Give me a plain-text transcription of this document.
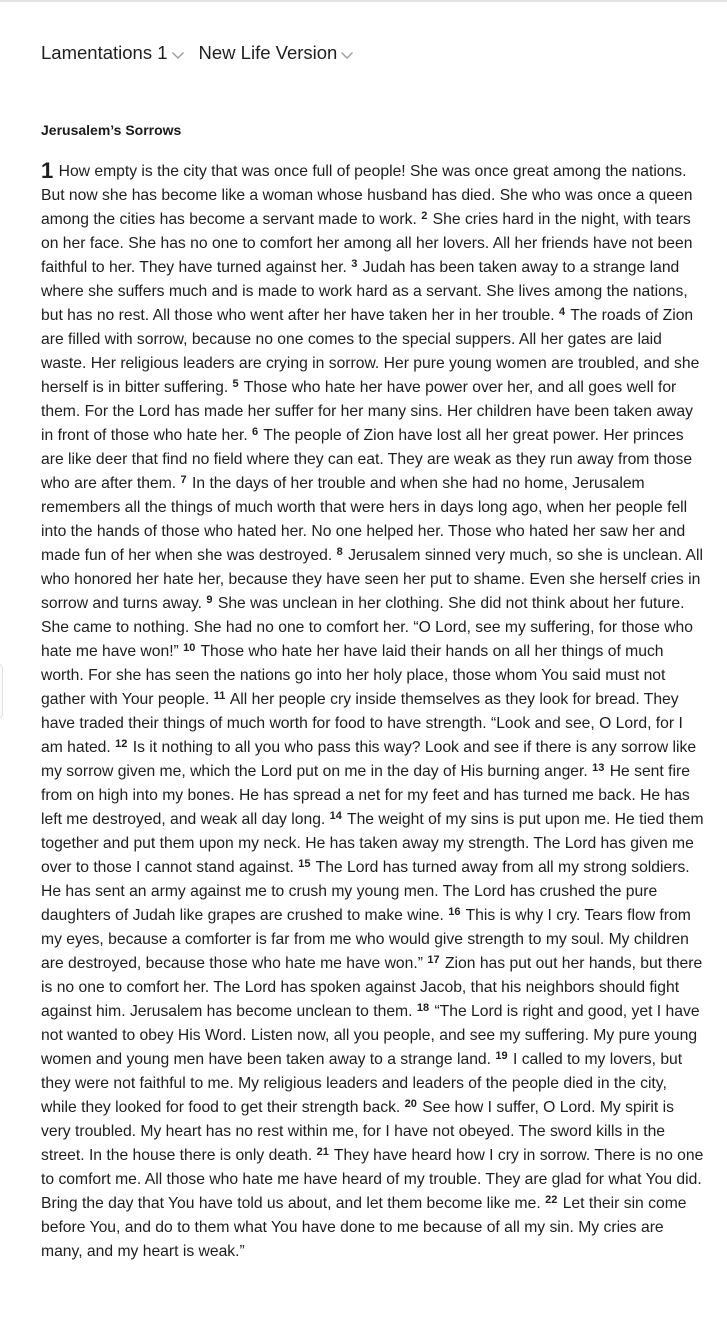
Lamentations 1 New Life Version
Jerusalem’s Sorrows

1 How empty is the city that was once full of people! She was once great among the nations. But now she has become like a woman whose husband has died. She who was once a queen among the cities has become a servant made to work. $^2$ She cries hard in the night, with tears on her face. She has no one to comfort her among all her lovers. All her friends have not been faithful to her. They have turned against her. $^3$ Judah has been taken away to a strange land where she suffers much and is made to work hard as a servant. She lives among the nations, but has no rest. All those who went after her have taken her in her trouble. $^4$ The roads of Zion are filled with sorrow, because no one comes to the special suppers. All her gates are laid waste. Her religious leaders are crying in sorrow. Her pure young women are troubled, and she herself is in bitter suffering. $^5$ Those who hate her have power over her, and all goes well for them. For the Lord has made her suffer for her many sins. Her children have been taken away in front of those who hate her. $^6$ The people of Zion have lost all her great power. Her princes are like deer that find no field where they can eat. They are weak as they run away from those who are after them. $^7$ In the days of her trouble and when she had no home, Jerusalem remembers all the things of much worth that were hers in days long ago, when her people fell into the hands of those who hated her. No one helped her. Those who hated her saw her and made fun of her when she was destroyed. $^8$ Jerusalem sinned very much, so she is unclean. All who honored her hate her, because they have seen her put to shame. Even she herself cries in sorrow and turns away. $^9$ She was unclean in her clothing. She did not think about her future. She came to nothing. She had no one to comfort her. “O Lord, see my suffering, for those who hate me have won!” $^{10}$ Those who hate her have laid their hands on all her things of much worth. For she has seen the nations go into her holy place, those whom You said must not gather with Your people. $^{11}$ All her people cry inside themselves as they look for bread. They have traded their things of much worth for food to have strength. “Look and see, O Lord, for I am hated. $^{12}$ Is it nothing to all you who pass this way? Look and see if there is any sorrow like my sorrow given me, which the Lord put on me in the day of His burning anger. $^{13}$ He sent fire from on high into my bones. He has spread a net for my feet and has turned me back. He has left me destroyed, and weak all day long. $^{14}$ The weight of my sins is put upon me. He tied them together and put them upon my neck. He has taken away my strength. The Lord has given me over to those I cannot stand against. $^{15}$ The Lord has turned away from all my strong soldiers. He has sent an army against me to crush my young men. The Lord has crushed the pure daughters of Judah like grapes are crushed to make wine. $^{16}$ This is why I cry. Tears flow from my eyes, because a comforter is far from me who would give strength to my soul. My children are destroyed, because those who hate me have won.” $^{17}$ Zion has put out her hands, but there is no one to comfort her. The Lord has spoken against Jacob, that his neighbors should fight against him. Jerusalem has become unclean to them. $^{18}$ “The Lord is right and good, yet I have not wanted to obey His Word. Listen now, all you people, and see my suffering. My pure young women and young men have been taken away to a strange land. $^{19}$ I called to my lovers, but they were not faithful to me. My religious leaders and leaders of the people died in the city, while they looked for food to get their strength back. $^{20}$ See how I suffer, O Lord. My spirit is very troubled. My heart has no rest within me, for I have not obeyed. The sword kills in the street. In the house there is only death. $^{21}$ They have heard how I cry in sorrow. There is no one to comfort me. All those who hate me have heard of my trouble. They are glad for what You did. Bring the day that You have told us about, and let them become like me. $^{22}$ Let their sin come before You, and do to them what You have done to me because of all my sin. My cries are many, and my heart is weak.”
